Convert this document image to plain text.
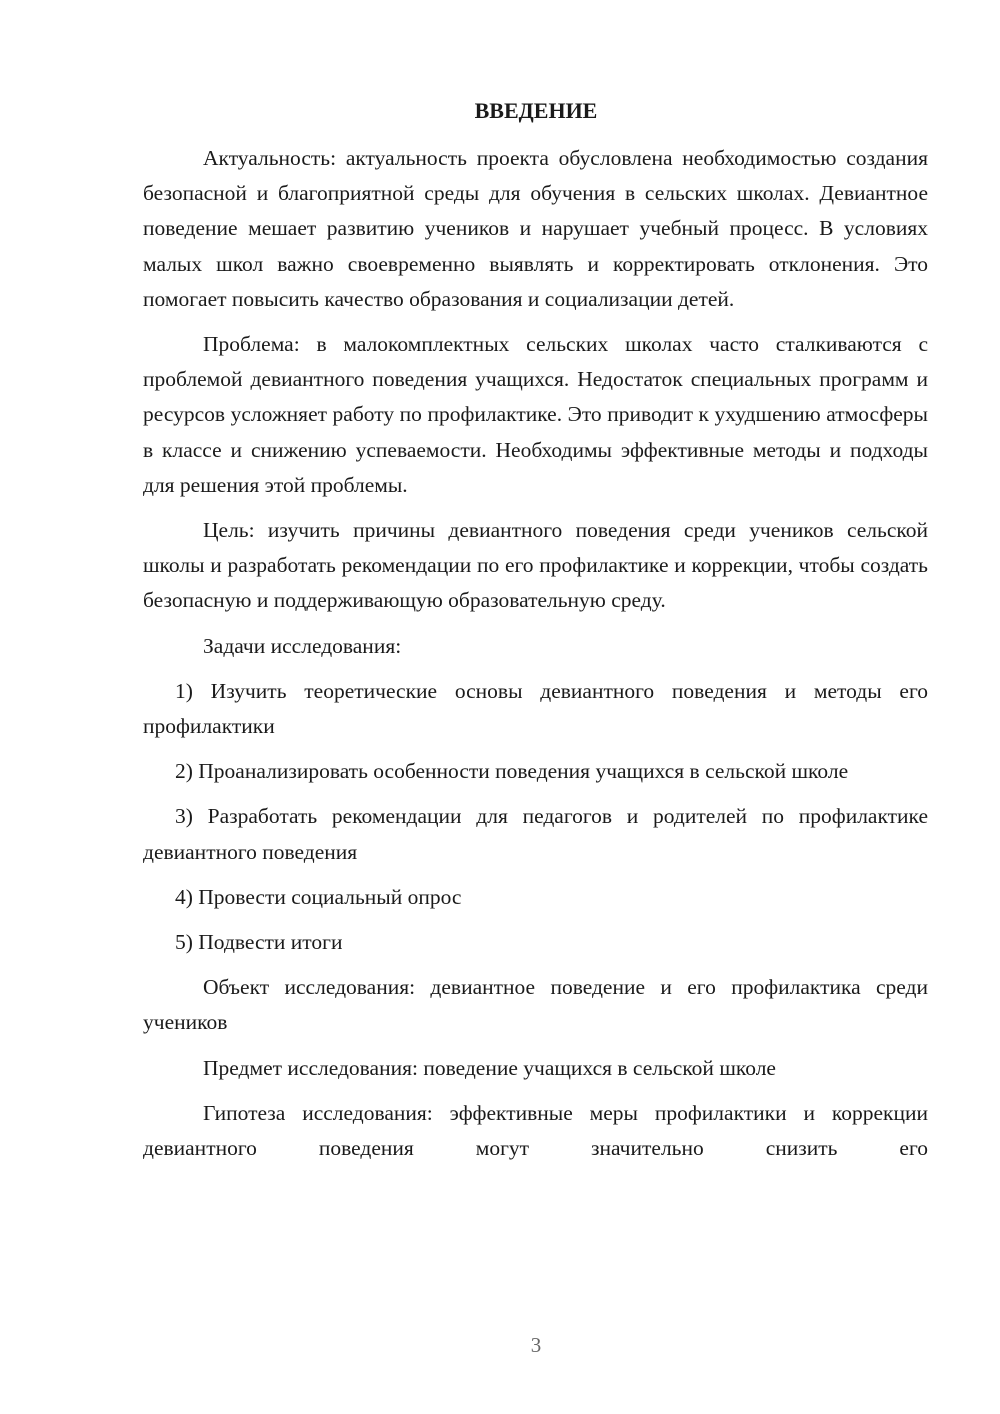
ВВЕДЕНИЕ

Актуальность: актуальность проекта обусловлена необходимостью создания безопасной и благоприятной среды для обучения в сельских школах. Девиантное поведение мешает развитию учеников и нарушает учебный процесс. В условиях малых школ важно своевременно выявлять и корректировать отклонения. Это помогает повысить качество образования и социализации детей.

Проблема: в малокомплектных сельских школах часто сталкиваются с проблемой девиантного поведения учащихся. Недостаток специальных программ и ресурсов усложняет работу по профилактике. Это приводит к ухудшению атмосферы в классе и снижению успеваемости. Необходимы эффективные методы и подходы для решения этой проблемы.

Цель: изучить причины девиантного поведения среди учеников сельской школы и разработать рекомендации по его профилактике и коррекции, чтобы создать безопасную и поддерживающую образовательную среду.

Задачи исследования:

1) Изучить теоретические основы девиантного поведения и методы его профилактики

2) Проанализировать особенности поведения учащихся в сельской школе

3) Разработать рекомендации для педагогов и родителей по профилактике девиантного поведения

4) Провести социальный опрос

5) Подвести итоги

Объект исследования: девиантное поведение и его профилактика среди учеников

Предмет исследования: поведение учащихся в сельской школе

Гипотеза исследования: эффективные меры профилактики и коррекции девиантного поведения могут значительно снизить его

3
